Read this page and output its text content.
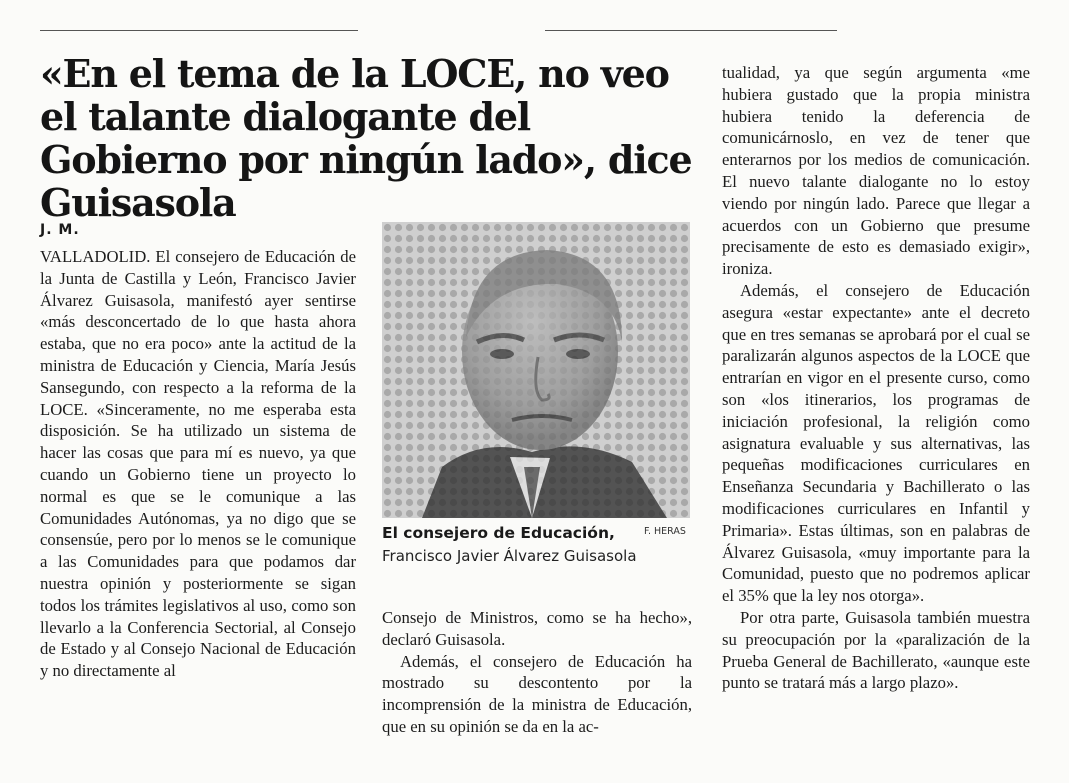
«En el tema de la LOCE, no veo el talante dialogante del Gobierno por ningún lado», dice Guisasola

J. M.

VALLADOLID. El consejero de Educación de la Junta de Castilla y León, Francisco Javier Álvarez Guisasola, manifestó ayer sentirse «más desconcertado de lo que hasta ahora estaba, que no era poco» ante la actitud de la ministra de Educación y Ciencia, María Jesús Sansegundo, con respecto a la reforma de la LOCE. «Sinceramente, no me esperaba esta disposición. Se ha utilizado un sistema de hacer las cosas que para mí es nuevo, ya que cuando un Gobierno tiene un proyecto lo normal es que se le comunique a las Comunidades Autónomas, ya no digo que se consensúe, pero por lo menos se le comunique a las Comunidades para que podamos dar nuestra opinión y posteriormente se sigan todos los trámites legislativos al uso, como son llevarlo a la Conferencia Sectorial, al Consejo de Estado y al Consejo Nacional de Educación y no directamente al

El consejero de Educación,	F. HERAS

Francisco Javier Álvarez Guisasola

Consejo de Ministros, como se ha hecho», declaró Guisasola.

Además, el consejero de Educación ha mostrado su descontento por la incomprensión de la ministra de Educación, que en su opinión se da en la ac-

tualidad, ya que según argumenta «me hubiera gustado que la propia ministra hubiera tenido la deferencia de comunicárnoslo, en vez de tener que enterarnos por los medios de comunicación. El nuevo talante dialogante no lo estoy viendo por ningún lado. Parece que llegar a acuerdos con un Gobierno que presume precisamente de esto es demasiado exigir», ironiza.

Además, el consejero de Educación asegura «estar expectante» ante el decreto que en tres semanas se aprobará por el cual se paralizarán algunos aspectos de la LOCE que entrarían en vigor en el presente curso, como son «los itinerarios, los programas de iniciación profesional, la religión como asignatura evaluable y sus alternativas, las pequeñas modificaciones curriculares en Enseñanza Secundaria y Bachillerato o las modificaciones curriculares en Infantil y Primaria». Estas últimas, son en palabras de Álvarez Guisasola, «muy importante para la Comunidad, puesto que no podremos aplicar el 35% que la ley nos otorga».

Por otra parte, Guisasola también muestra su preocupación por la «paralización de la Prueba General de Bachillerato, «aunque este punto se tratará más a largo plazo».
